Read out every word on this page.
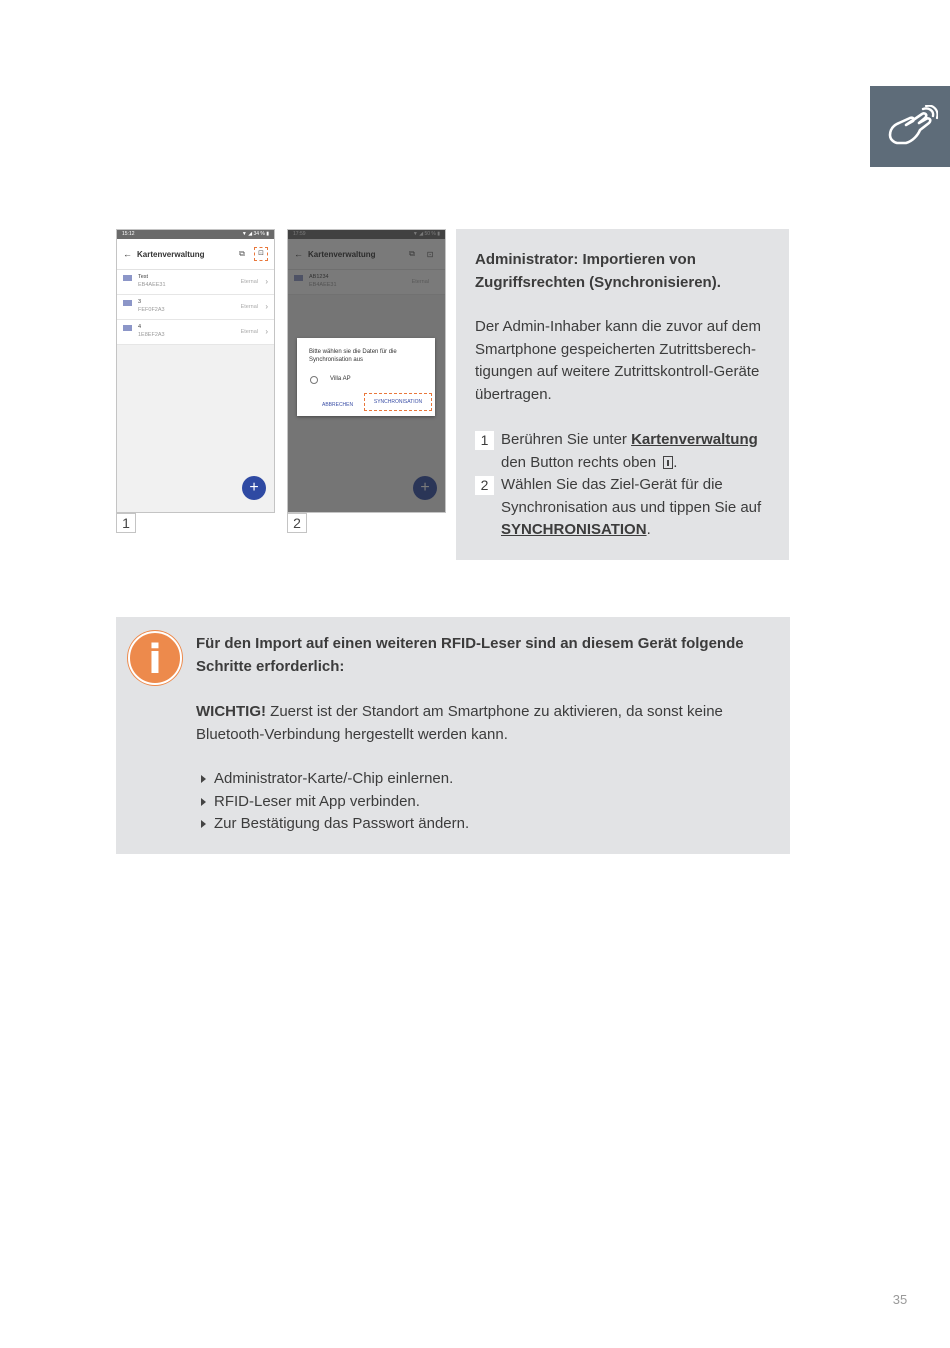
15:12	▼ ◢ 34 % ▮
← Kartenverwaltung	⧉	⊡
Test
EB4AEE31	Eternal ›
3
FEF0F2A3	Eternal ›
4
1E8EF2A3	Eternal ›
+
1
Bitte wählen sie die Daten für die Synchronisation aus
Villa AP
ABBRECHEN	SYNCHRONISATION
2
Administrator: Importieren von Zugriffsrechten (Synchronisieren).
Der Admin-Inhaber kann die zuvor auf dem Smartphone gespeicherten Zutrittsberech-tigungen auf weitere Zutrittskontroll-Geräte übertragen.
1 Berühren Sie unter Kartenverwaltung den Button rechts oben .
2 Wählen Sie das Ziel-Gerät für die Synchronisation aus und tippen Sie auf SYNCHRONISATION.
i	Für den Import auf einen weiteren RFID-Leser sind an diesem Gerät folgende Schritte erforderlich:
WICHTIG! Zuerst ist der Standort am Smartphone zu aktivieren, da sonst keine Bluetooth-Verbindung hergestellt werden kann.
Administrator-Karte/-Chip einlernen.
RFID-Leser mit App verbinden.
Zur Bestätigung das Passwort ändern.
35
